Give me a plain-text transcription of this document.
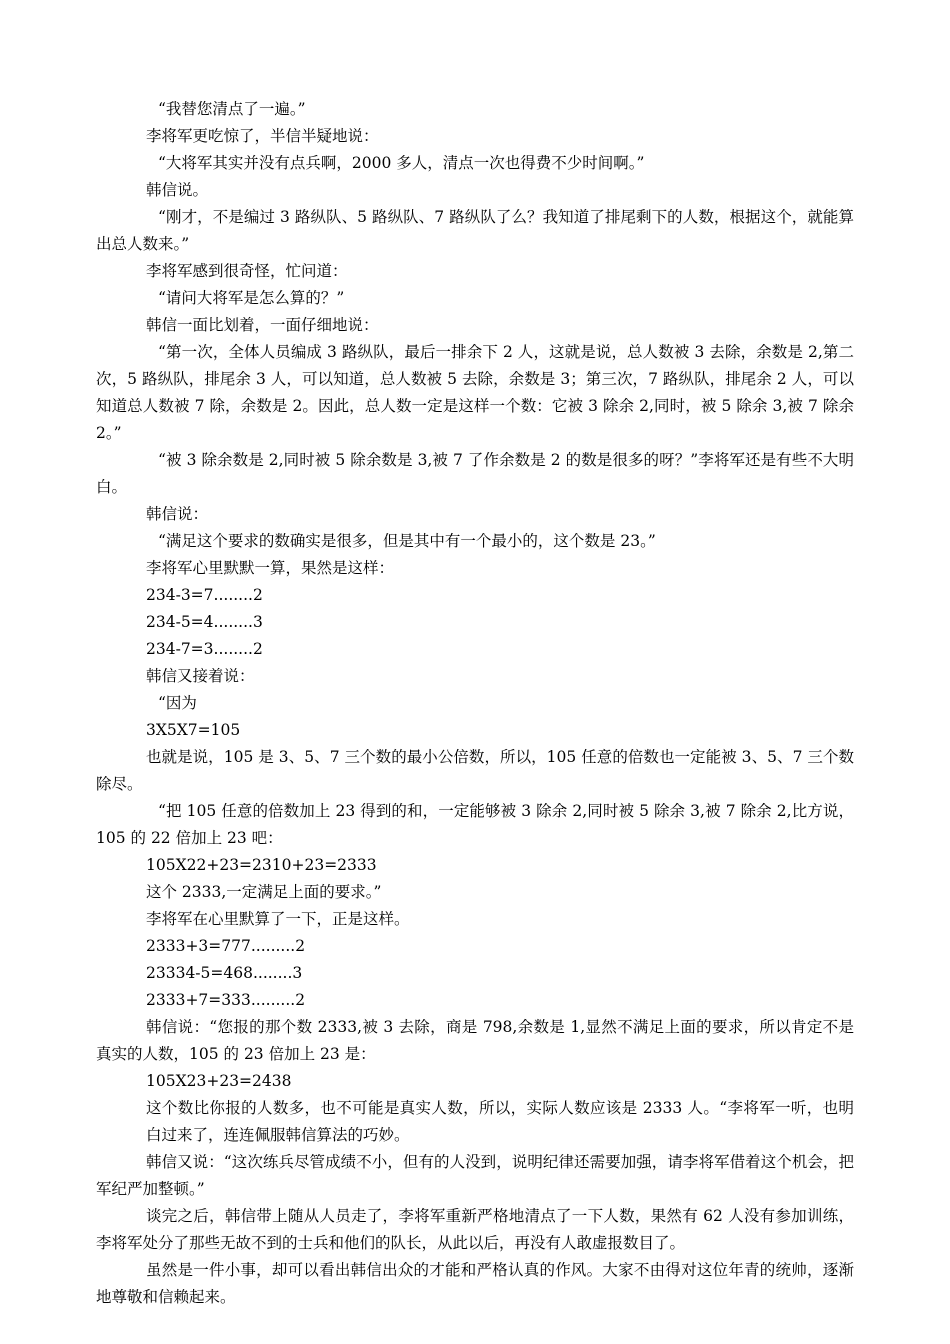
“我替您清点了一遍。”

李将军更吃惊了，半信半疑地说：

“大将军其实并没有点兵啊，2000 多人，清点一次也得费不少时间啊。”

韩信说。

“刚才，不是编过 3 路纵队、5 路纵队、7 路纵队了么？我知道了排尾剩下的人数，根据这个，就能算出总人数来。”

李将军感到很奇怪，忙问道：

“请问大将军是怎么算的？”

韩信一面比划着，一面仔细地说：

“第一次，全体人员编成 3 路纵队，最后一排余下 2 人，这就是说，总人数被 3 去除，余数是 2,第二次，5 路纵队，排尾余 3 人，可以知道，总人数被 5 去除，余数是 3；第三次，7 路纵队，排尾余 2 人，可以知道总人数被 7 除，余数是 2。因此，总人数一定是这样一个数：它被 3 除余 2,同时，被 5 除余 3,被 7 除余 2。”

“被 3 除余数是 2,同时被 5 除余数是 3,被 7 了作余数是 2 的数是很多的呀？”李将军还是有些不大明白。

韩信说：

“满足这个要求的数确实是很多，但是其中有一个最小的，这个数是 23。”

李将军心里默默一算，果然是这样：

234-3=7........2

234-5=4........3

234-7=3........2

韩信又接着说：

“因为

3X5X7=105

也就是说，105 是 3、5、7 三个数的最小公倍数，所以，105 任意的倍数也一定能被 3、5、7 三个数除尽。

“把 105 任意的倍数加上 23 得到的和，一定能够被 3 除余 2,同时被 5 除余 3,被 7 除余 2,比方说，105 的 22 倍加上 23 吧：

105X22+23=2310+23=2333

这个 2333,一定满足上面的要求。”

李将军在心里默算了一下，正是这样。

2333+3=777.........2

23334-5=468........3

2333+7=333.........2

韩信说：“您报的那个数 2333,被 3 去除，商是 798,余数是 1,显然不满足上面的要求，所以肯定不是真实的人数，105 的 23 倍加上 23 是：

105X23+23=2438

这个数比你报的人数多，也不可能是真实人数，所以，实际人数应该是 2333 人。“李将军一听，也明白过来了，连连佩服韩信算法的巧妙。

韩信又说：“这次练兵尽管成绩不小，但有的人没到，说明纪律还需要加强，请李将军借着这个机会，把军纪严加整顿。”

谈完之后，韩信带上随从人员走了，李将军重新严格地清点了一下人数，果然有 62 人没有参加训练，李将军处分了那些无故不到的士兵和他们的队长，从此以后，再没有人敢虚报数目了。

虽然是一件小事，却可以看出韩信出众的才能和严格认真的作风。大家不由得对这位年青的统帅，逐渐地尊敬和信赖起来。
